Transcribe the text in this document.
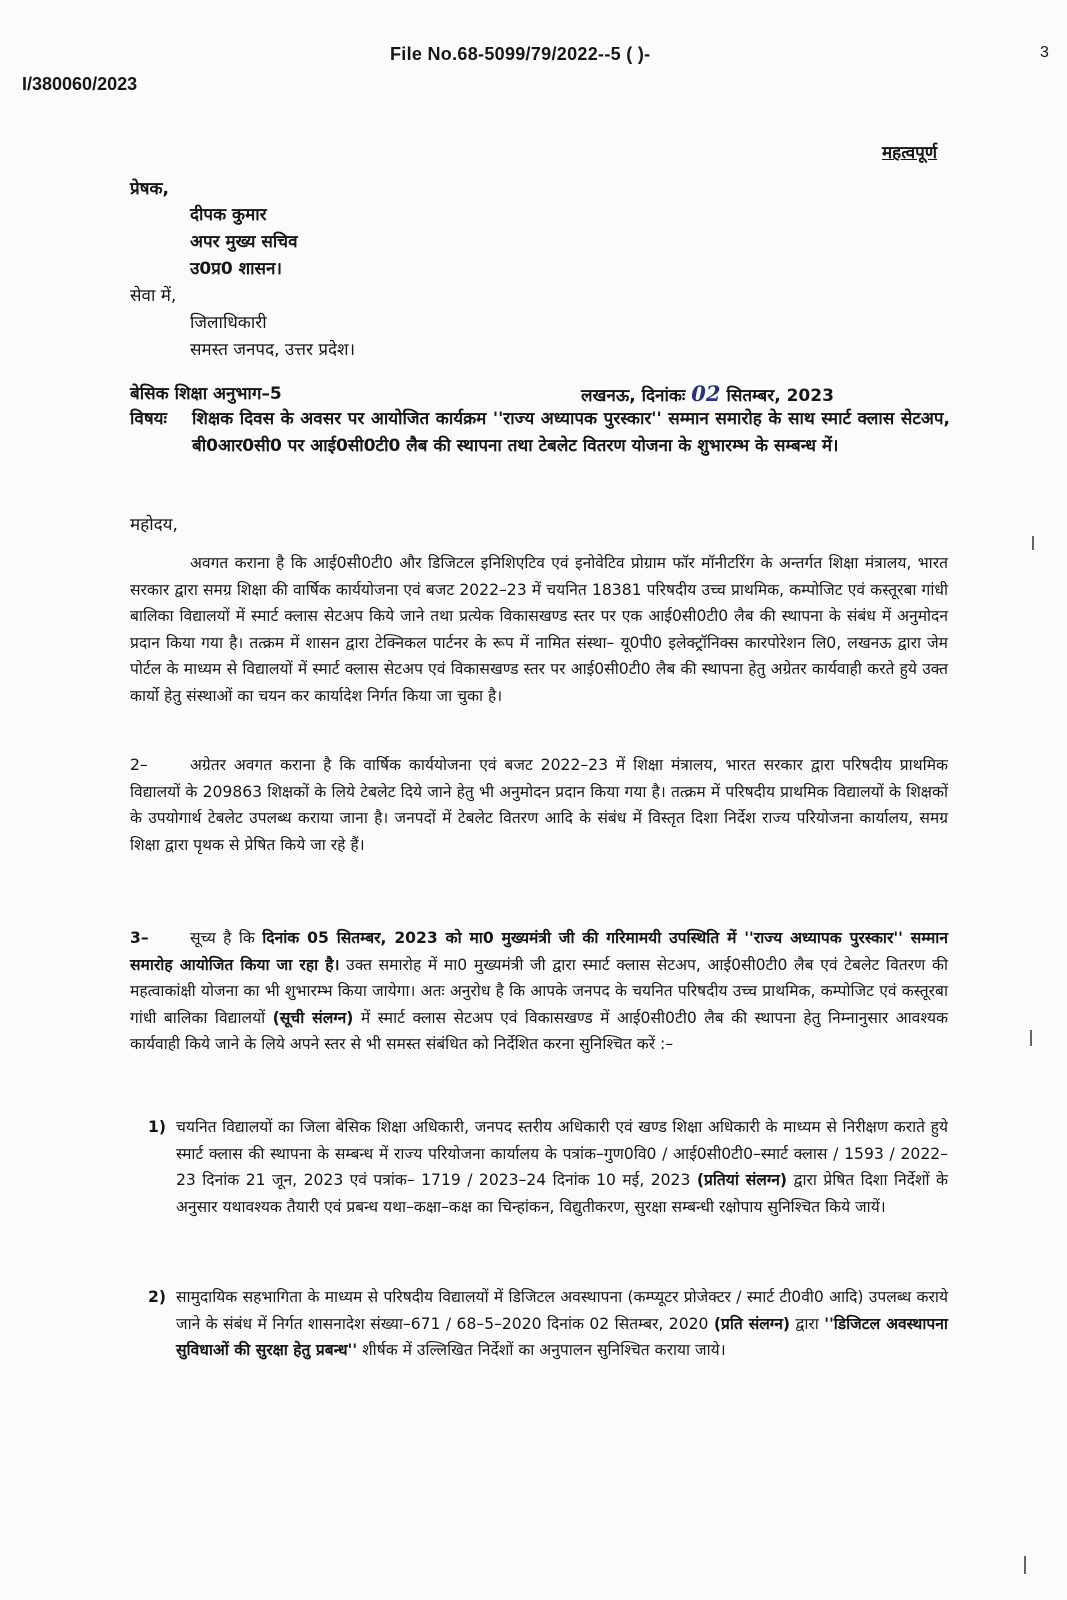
File No.68-5099/79/2022--5 ( )-
I/380060/2023
3
महत्वपूर्ण
प्रेषक,
दीपक कुमार
अपर मुख्य सचिव
उ0प्र0 शासन।
सेवा में,
जिलाधिकारी
समस्त जनपद, उत्तर प्रदेश।
बेसिक शिक्षा अनुभाग–5	लखनऊ, दिनांकः 02 सितम्बर, 2023
विषयः शिक्षक दिवस के अवसर पर आयोजित कार्यक्रम ''राज्य अध्यापक पुरस्कार'' सम्मान समारोह के साथ स्मार्ट क्लास सेटअप, बी0आर0सी0 पर आई0सी0टी0 लैब की स्थापना तथा टेबलेट वितरण योजना के शुभारम्भ के सम्बन्ध में।
महोदय,
अवगत कराना है कि आई0सी0टी0 और डिजिटल इनिशिएटिव एवं इनोवेटिव प्रोग्राम फॉर मॉनीटरिंग के अन्तर्गत शिक्षा मंत्रालय, भारत सरकार द्वारा समग्र शिक्षा की वार्षिक कार्ययोजना एवं बजट 2022–23 में चयनित 18381 परिषदीय उच्च प्राथमिक, कम्पोजिट एवं कस्तूरबा गांधी बालिका विद्यालयों में स्मार्ट क्लास सेटअप किये जाने तथा प्रत्येक विकासखण्ड स्तर पर एक आई0सी0टी0 लैब की स्थापना के संबंध में अनुमोदन प्रदान किया गया है। तत्क्रम में शासन द्वारा टेक्निकल पार्टनर के रूप में नामित संस्था– यू0पी0 इलेक्ट्रॉनिक्स कारपोरेशन लि0, लखनऊ द्वारा जेम पोर्टल के माध्यम से विद्यालयों में स्मार्ट क्लास सेटअप एवं विकासखण्ड स्तर पर आई0सी0टी0 लैब की स्थापना हेतु अग्रेतर कार्यवाही करते हुये उक्त कार्यो हेतु संस्थाओं का चयन कर कार्यादेश निर्गत किया जा चुका है।
2–	अग्रेतर अवगत कराना है कि वार्षिक कार्ययोजना एवं बजट 2022–23 में शिक्षा मंत्रालय, भारत सरकार द्वारा परिषदीय प्राथमिक विद्यालयों के 209863 शिक्षकों के लिये टेबलेट दिये जाने हेतु भी अनुमोदन प्रदान किया गया है। तत्क्रम में परिषदीय प्राथमिक विद्यालयों के शिक्षकों के उपयोगार्थ टेबलेट उपलब्ध कराया जाना है। जनपदों में टेबलेट वितरण आदि के संबंध में विस्तृत दिशा निर्देश राज्य परियोजना कार्यालय, समग्र शिक्षा द्वारा पृथक से प्रेषित किये जा रहे हैं।
3–	सूच्य है कि दिनांक 05 सितम्बर, 2023 को मा0 मुख्यमंत्री जी की गरिमामयी उपस्थिति में ''राज्य अध्यापक पुरस्कार'' सम्मान समारोह आयोजित किया जा रहा है। उक्त समारोह में मा0 मुख्यमंत्री जी द्वारा स्मार्ट क्लास सेटअप, आई0सी0टी0 लैब एवं टेबलेट वितरण की महत्वाकांक्षी योजना का भी शुभारम्भ किया जायेगा। अतः अनुरोध है कि आपके जनपद के चयनित परिषदीय उच्च प्राथमिक, कम्पोजिट एवं कस्तूरबा गांधी बालिका विद्यालयों (सूची संलग्न) में स्मार्ट क्लास सेटअप एवं विकासखण्ड में आई0सी0टी0 लैब की स्थापना हेतु निम्नानुसार आवश्यक कार्यवाही किये जाने के लिये अपने स्तर से भी समस्त संबंधित को निर्देशित करना सुनिश्चित करें :–
1) चयनित विद्यालयों का जिला बेसिक शिक्षा अधिकारी, जनपद स्तरीय अधिकारी एवं खण्ड शिक्षा अधिकारी के माध्यम से निरीक्षण कराते हुये स्मार्ट क्लास की स्थापना के सम्बन्ध में राज्य परियोजना कार्यालय के पत्रांक–गुण0वि0 / आई0सी0टी0–स्मार्ट क्लास / 1593 / 2022–23 दिनांक 21 जून, 2023 एवं पत्रांक– 1719 / 2023–24 दिनांक 10 मई, 2023 (प्रतियां संलग्न) द्वारा प्रेषित दिशा निर्देशों के अनुसार यथावश्यक तैयारी एवं प्रबन्ध यथा–कक्षा–कक्ष का चिन्हांकन, विद्युतीकरण, सुरक्षा सम्बन्धी रक्षोपाय सुनिश्चित किये जायें।
2) सामुदायिक सहभागिता के माध्यम से परिषदीय विद्यालयों में डिजिटल अवस्थापना (कम्प्यूटर प्रोजेक्टर / स्मार्ट टी0वी0 आदि) उपलब्ध कराये जाने के संबंध में निर्गत शासनादेश संख्या–671 / 68–5–2020 दिनांक 02 सितम्बर, 2020 (प्रति संलग्न) द्वारा ''डिजिटल अवस्थापना सुविधाओं की सुरक्षा हेतु प्रबन्ध'' शीर्षक में उल्लिखित निर्देशों का अनुपालन सुनिश्चित कराया जाये।
